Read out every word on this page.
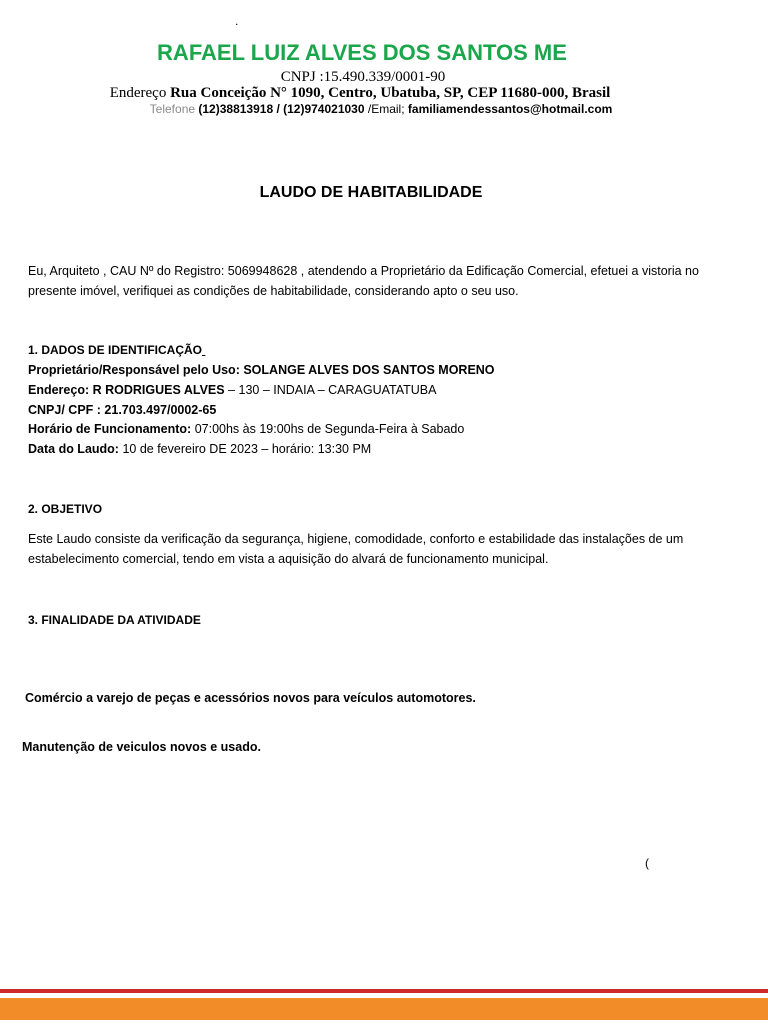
.
RAFAEL LUIZ ALVES DOS SANTOS ME
CNPJ :15.490.339/0001-90
Endereço Rua Conceição N° 1090, Centro, Ubatuba, SP, CEP 11680-000, Brasil
Telefone (12)38813918 / (12)974021030 /Email; familiamendessantos@hotmail.com
LAUDO DE HABITABILIDADE
Eu, Arquiteto , CAU Nº do Registro: 5069948628 , atendendo a Proprietário da Edificação Comercial, efetuei a vistoria no presente imóvel, verifiquei as condições de habitabilidade, considerando apto o seu uso.
1. DADOS DE IDENTIFICAÇÃO
Proprietário/Responsável pelo Uso: SOLANGE ALVES DOS SANTOS MORENO
Endereço: R RODRIGUES ALVES – 130 – INDAIA – CARAGUATATUBA
CNPJ/ CPF : 21.703.497/0002-65
Horário de Funcionamento: 07:00hs às 19:00hs de Segunda-Feira à Sabado
Data do Laudo: 10 de fevereiro DE 2023 – horário: 13:30 PM
2. OBJETIVO
Este Laudo consiste da verificação da segurança, higiene, comodidade, conforto e estabilidade das instalações de um estabelecimento comercial, tendo em vista a aquisição do alvará de funcionamento municipal.
3. FINALIDADE DA ATIVIDADE
Comércio a varejo de peças e acessórios novos para veículos automotores.
Manutenção de veiculos novos e usado.
(
